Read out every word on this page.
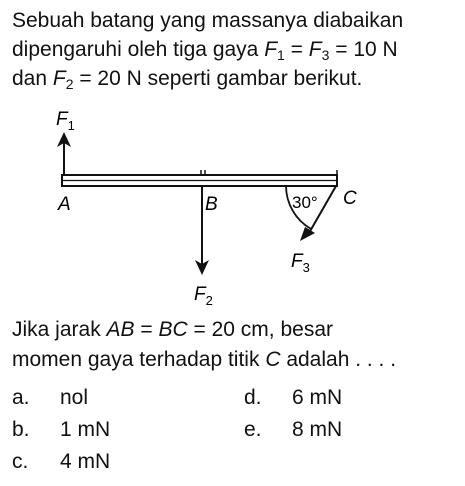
Sebuah batang yang massanya diabaikan
dipengaruhi oleh tiga gaya $F_1 = F_3 = 10$ N
dan $F_2 = 20$ N seperti gambar berikut.
$F_1$
A	B	C
$F_2$
$F_3$
30°
Jika jarak AB = BC = 20 cm, besar
momen gaya terhadap titik C adalah . . . .
a. nol
b. 1 mN
c. 4 mN
d. 6 mN
e. 8 mN
